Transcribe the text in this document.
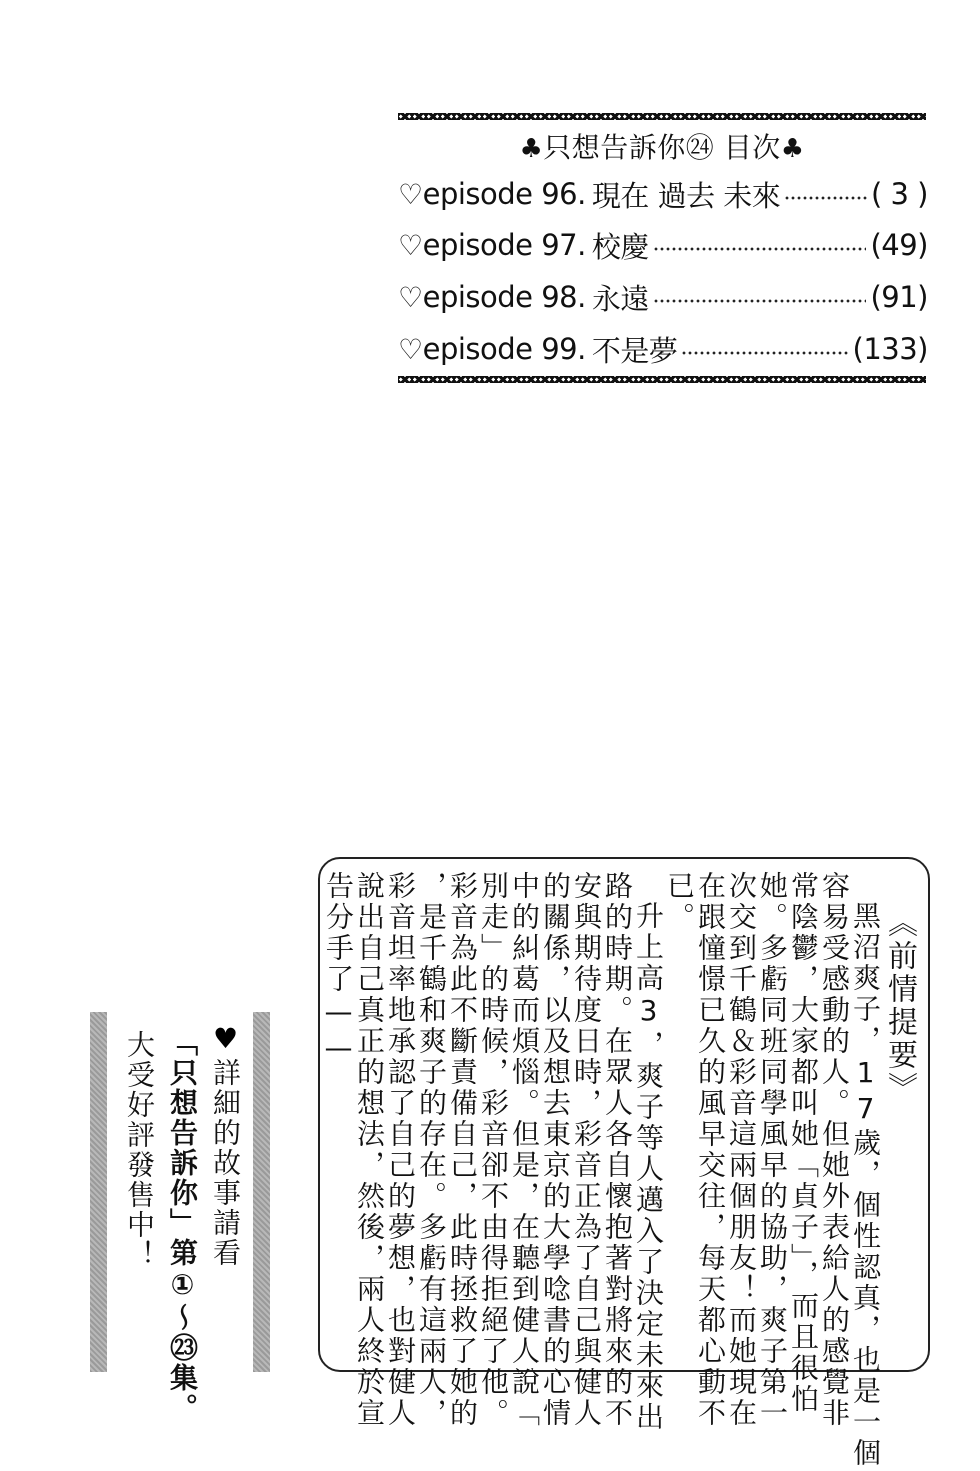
♣只想告訴你㉔ 目次♣
♡ episode 96. 現在 過去 未來	( 3 )
♡ episode 97. 校慶	(49)
♡ episode 98. 永遠	(91)
♡ episode 99. 不是夢	(133)
《前情提要》
黑沼爽子，17歲，個性認真，也是一個
容易受感動的人。但她外表給人的感覺非
常陰鬱，大家都叫她「貞子」，而且很怕
她。多虧同班同學風早的協助，爽子第一
次交到千鶴＆彩音這兩個朋友！而她現在
在跟憧憬已久的風早交往，每天都心動不
已。
升上高3，爽子等人邁入了決定未來出
路的時期。在眾人各自懷抱著對將來的不
安與期待度日時，彩音正為了自己與健人
的關係，以及想去東京的大學唸書的心情
中的糾葛而煩惱。但是，在聽到健人說「
別走」的時候，彩音卻不由得拒絕了他。
彩音為此不斷責備自己，此時拯救了她的
，是千鶴和爽子的存在。多虧有這兩人，
彩音坦率地承認了自己的夢想，也對健人
說出自己真正的想法，然後，兩人終於宣
告分手了——
♥
詳細的故事請看
「只想告訴你」第①～㉓集。
大受好評發售中！
